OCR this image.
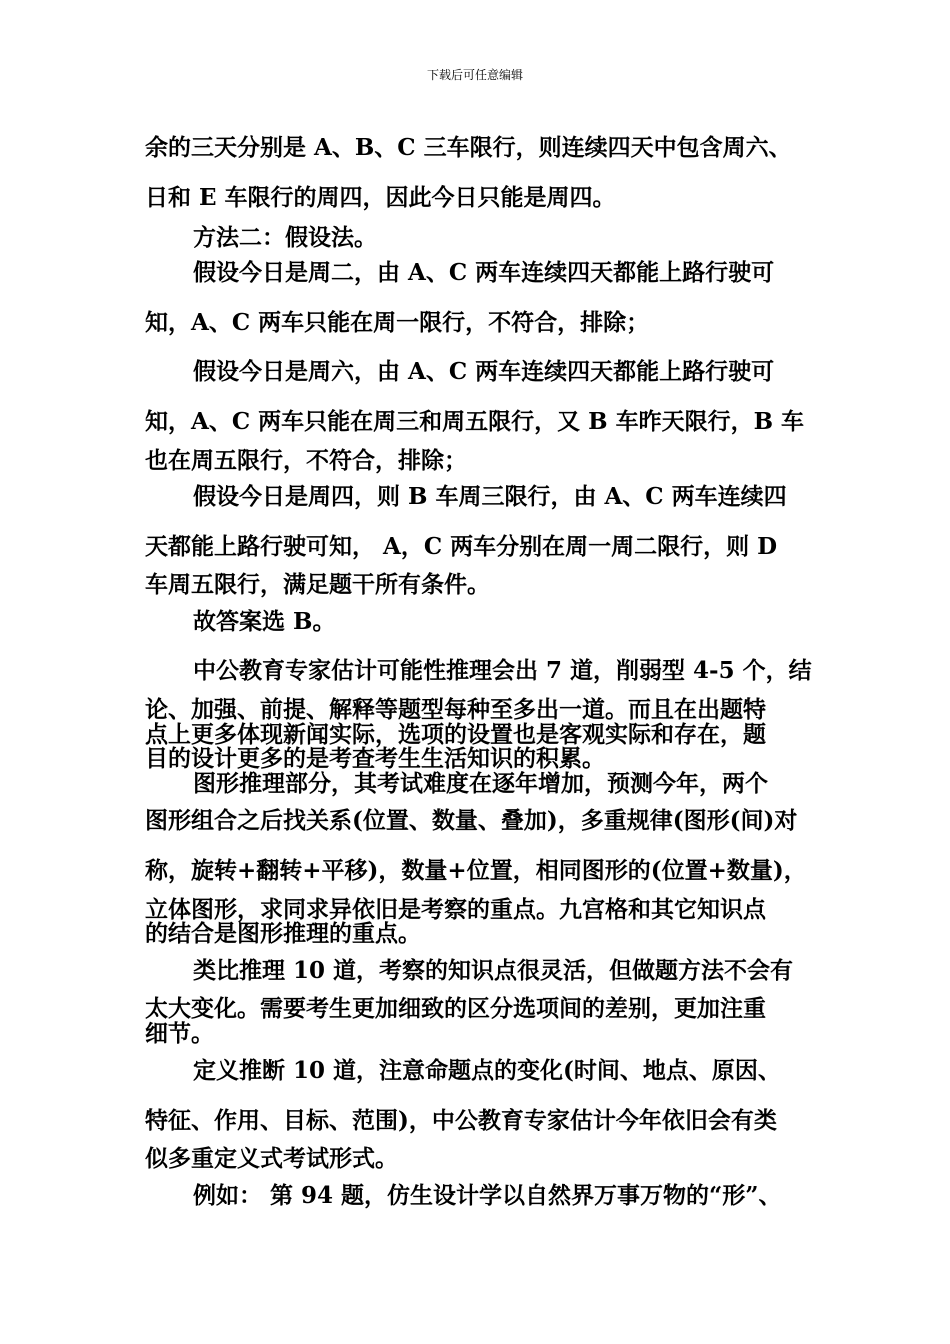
下载后可任意编辑
余的三天分别是 A、B、C 三车限行，则连续四天中包含周六、
日和 E 车限行的周四，因此今日只能是周四。
方法二：假设法。
假设今日是周二，由 A、C 两车连续四天都能上路行驶可
知，A、C 两车只能在周一限行，不符合，排除；
假设今日是周六，由 A、C 两车连续四天都能上路行驶可
知，A、C 两车只能在周三和周五限行，又 B 车昨天限行，B 车
也在周五限行，不符合，排除；
假设今日是周四，则 B 车周三限行，由 A、C 两车连续四
天都能上路行驶可知， A，C 两车分别在周一周二限行，则 D
车周五限行，满足题干所有条件。
故答案选 B。
中公教育专家估计可能性推理会出 7 道，削弱型 4-5 个，结
论、加强、前提、解释等题型每种至多出一道。而且在出题特
点上更多体现新闻实际，选项的设置也是客观实际和存在，题
目的设计更多的是考查考生生活知识的积累。
图形推理部分，其考试难度在逐年增加，预测今年，两个
图形组合之后找关系(位置、数量、叠加)，多重规律(图形(间)对
称，旋转+翻转+平移)，数量+位置，相同图形的(位置+数量)，
立体图形，求同求异依旧是考察的重点。九宫格和其它知识点
的结合是图形推理的重点。
类比推理 10 道，考察的知识点很灵活，但做题方法不会有
太大变化。需要考生更加细致的区分选项间的差别，更加注重
细节。
定义推断 10 道，注意命题点的变化(时间、地点、原因、
特征、作用、目标、范围)，中公教育专家估计今年依旧会有类
似多重定义式考试形式。
例如： 第 94 题，仿生设计学以自然界万事万物的“形”、
